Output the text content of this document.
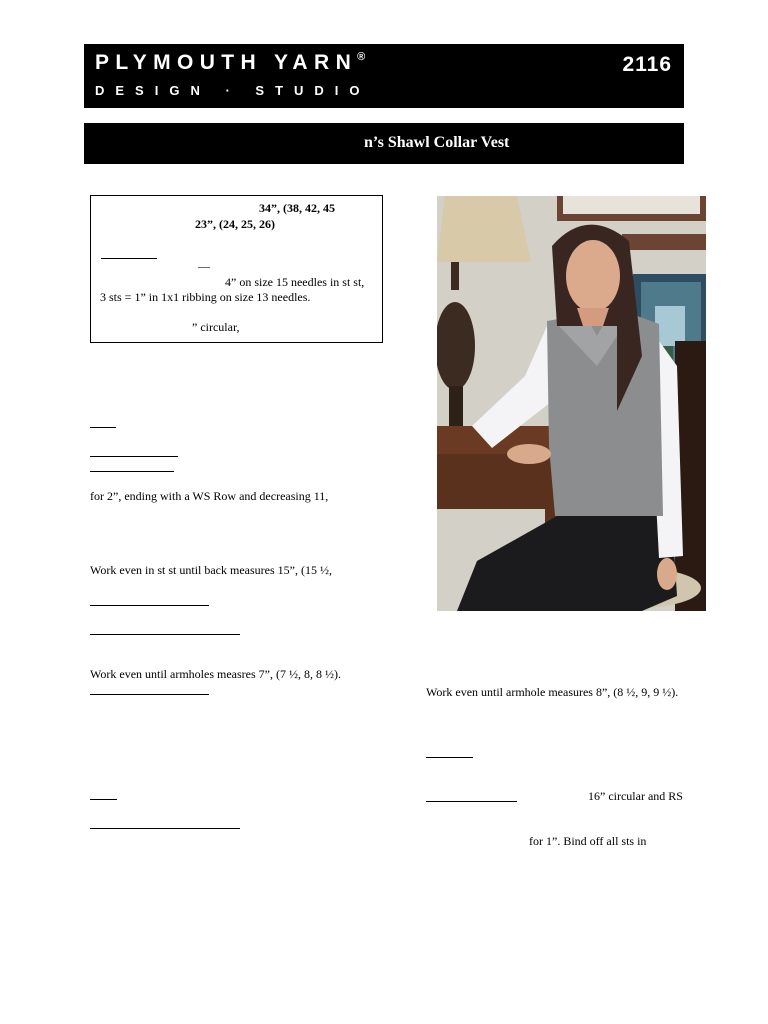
PLYMOUTH YARN®
DESIGN · STUDIO
2116
n’s Shawl Collar Vest
34”, (38, 42, 45
23”, (24, 25, 26)
—
4” on size 15 needles in st st,
3 sts = 1” in 1x1 ribbing on size 13 needles.
” circular,
for 2”, ending with a WS Row and decreasing 11,
Work even in st st until back measures 15”, (15 ½,
Work even until armholes measres 7”, (7 ½, 8, 8 ½).
Work even until armhole measures 8”, (8 ½, 9, 9 ½).
16” circular and RS
for 1”. Bind off all sts in
